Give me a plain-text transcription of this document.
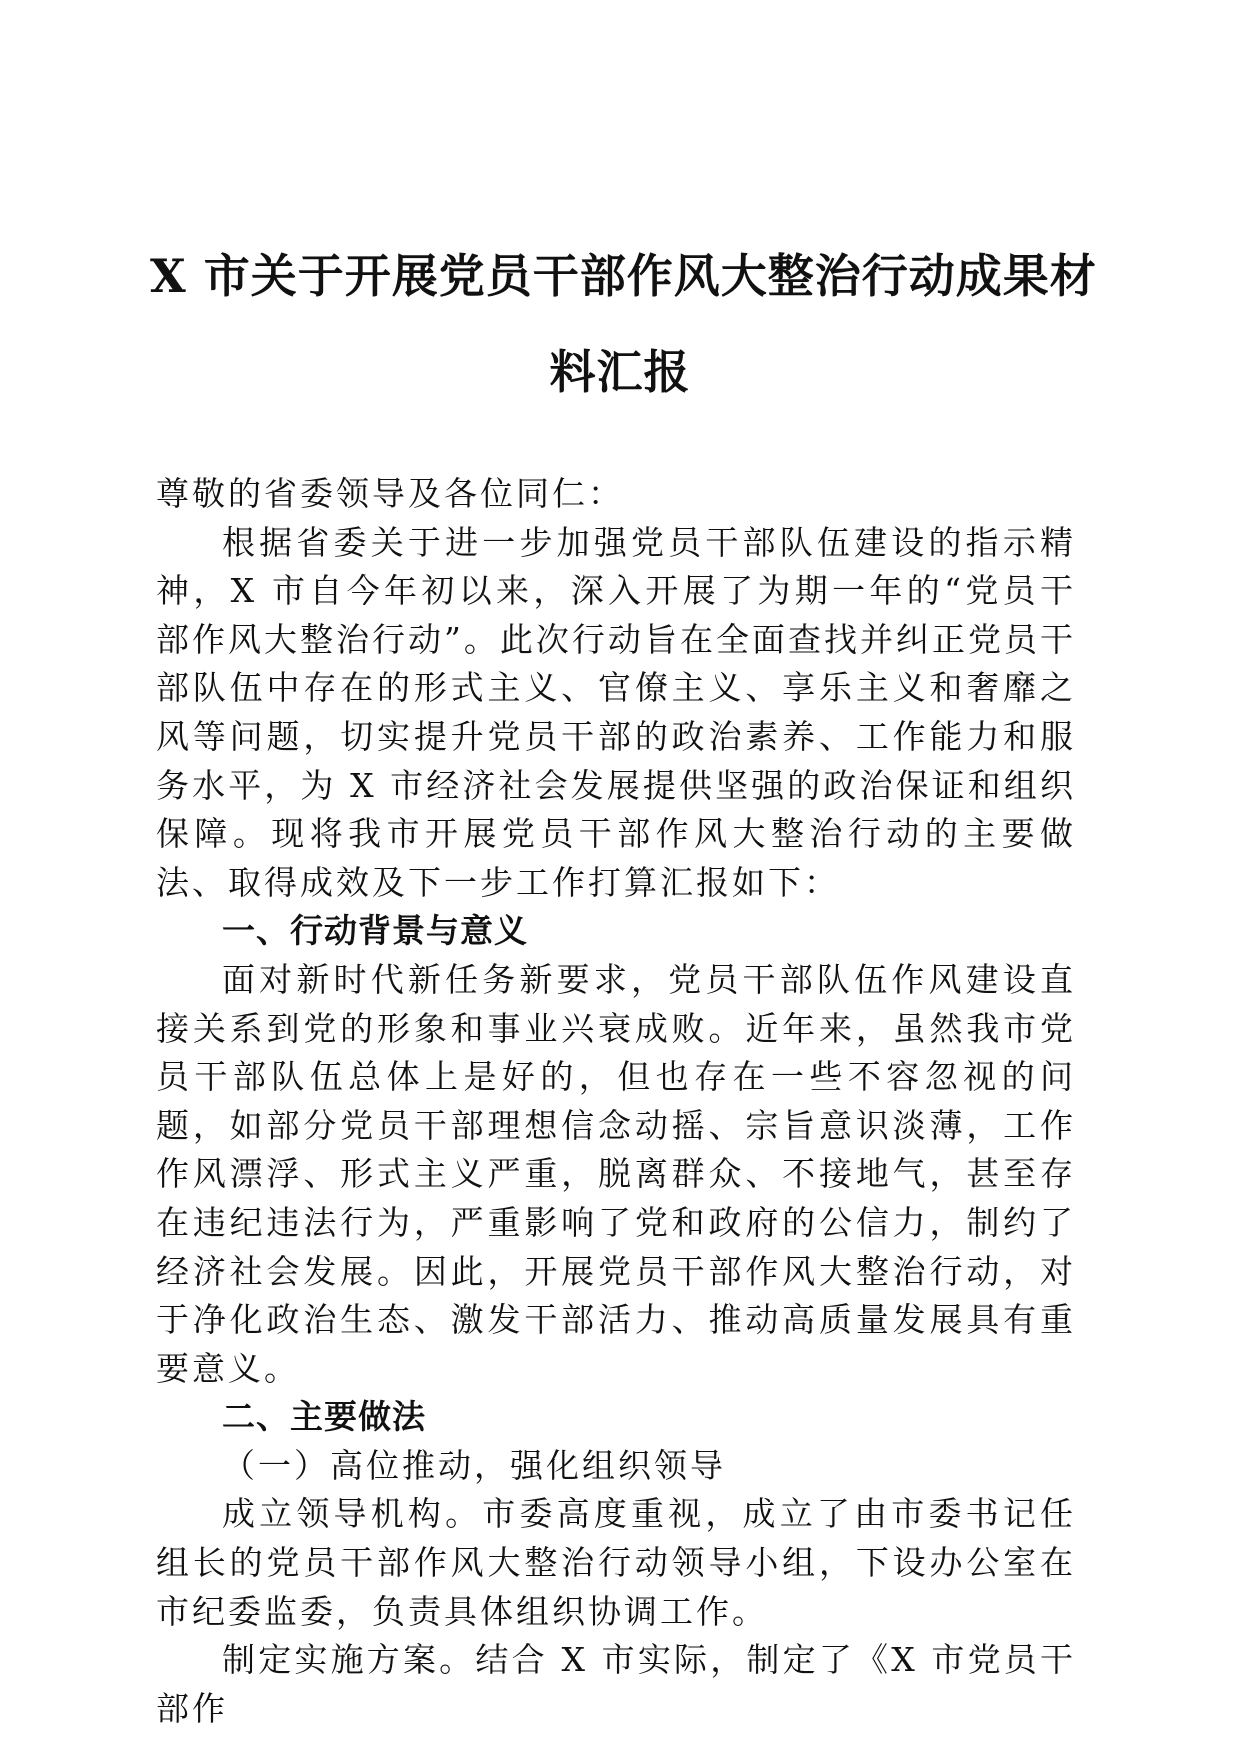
X 市关于开展党员干部作风大整治行动成果材
料汇报

尊敬的省委领导及各位同仁：

根据省委关于进一步加强党员干部队伍建设的指示精神，X 市自今年初以来，深入开展了为期一年的“党员干部作风大整治行动”。此次行动旨在全面查找并纠正党员干部队伍中存在的形式主义、官僚主义、享乐主义和奢靡之风等问题，切实提升党员干部的政治素养、工作能力和服务水平，为 X 市经济社会发展提供坚强的政治保证和组织保障。现将我市开展党员干部作风大整治行动的主要做法、取得成效及下一步工作打算汇报如下：

一、行动背景与意义

面对新时代新任务新要求，党员干部队伍作风建设直接关系到党的形象和事业兴衰成败。近年来，虽然我市党员干部队伍总体上是好的，但也存在一些不容忽视的问题，如部分党员干部理想信念动摇、宗旨意识淡薄，工作作风漂浮、形式主义严重，脱离群众、不接地气，甚至存在违纪违法行为，严重影响了党和政府的公信力，制约了经济社会发展。因此，开展党员干部作风大整治行动，对于净化政治生态、激发干部活力、推动高质量发展具有重要意义。

二、主要做法

（一）高位推动，强化组织领导

成立领导机构。市委高度重视，成立了由市委书记任组长的党员干部作风大整治行动领导小组，下设办公室在市纪委监委，负责具体组织协调工作。

制定实施方案。结合 X 市实际，制定了《X 市党员干部作
